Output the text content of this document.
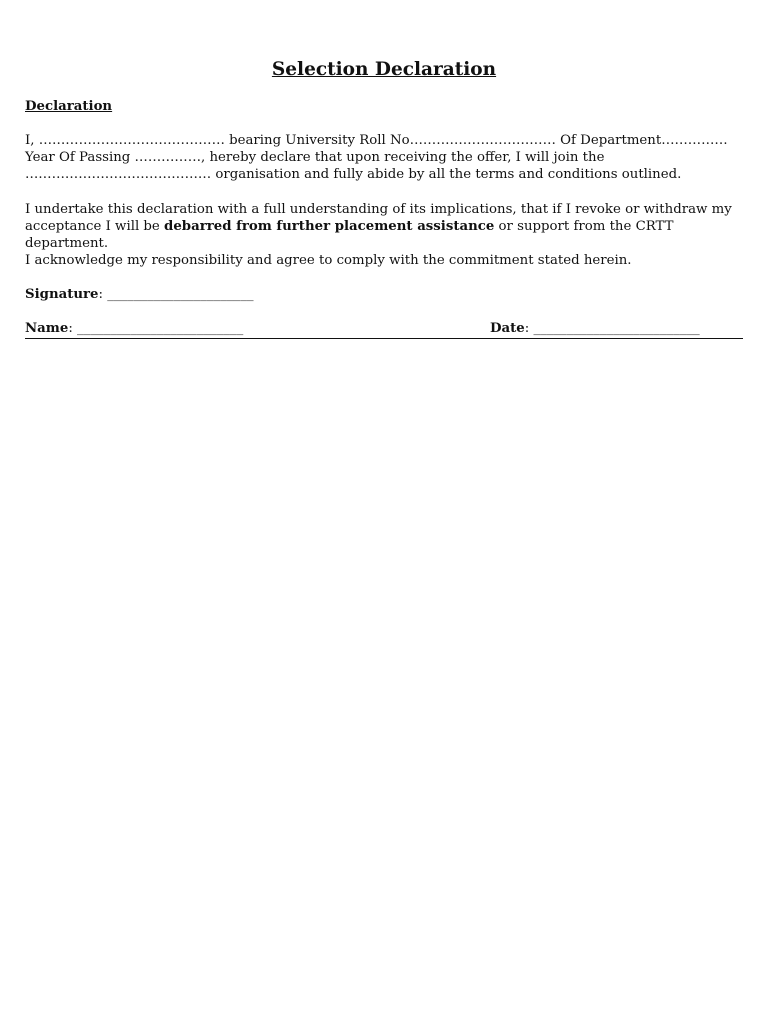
Selection Declaration
Declaration

I, …………………………………… bearing University Roll No…………………………… Of Department……………Year Of Passing ……………, hereby declare that upon receiving the offer, I will join the …………………………………… organisation and fully abide by all the terms and conditions outlined.

I undertake this declaration with a full understanding of its implications, that if I revoke or withdraw my acceptance I will be debarred from further placement assistance or support from the CRTT department.

I acknowledge my responsibility and agree to comply with the commitment stated herein.

Signature: ______________________
Name: _________________________	Date: _________________________
